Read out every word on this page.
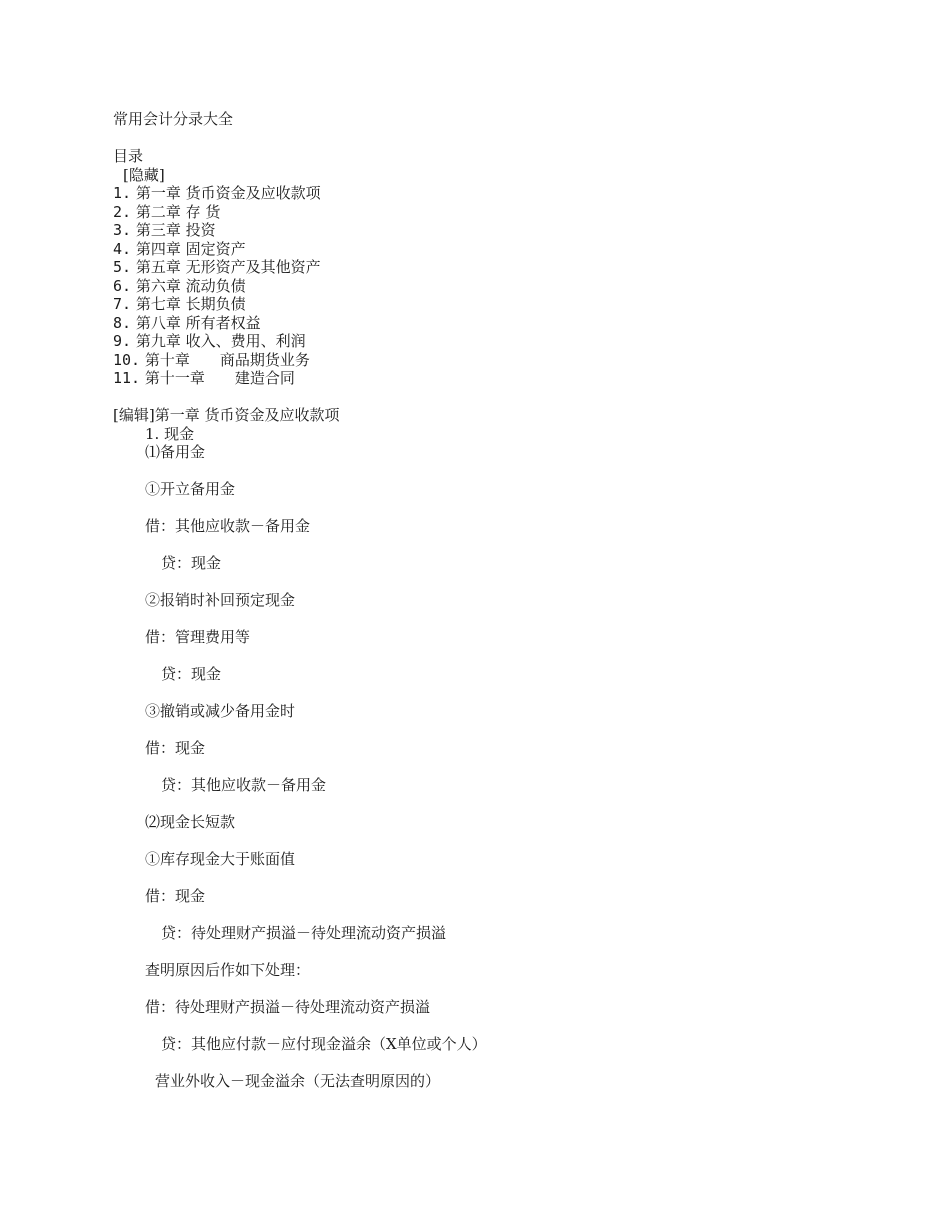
常用会计分录大全
目录
[隐藏]
1. 第一章 货币资金及应收款项
2. 第二章 存 货
3. 第三章 投资
4. 第四章 固定资产
5. 第五章 无形资产及其他资产
6. 第六章 流动负债
7. 第七章 长期负债
8. 第八章 所有者权益
9. 第九章 收入、费用、利润
10. 第十章　　商品期货业务
11. 第十一章　　建造合同
[编辑]第一章 货币资金及应收款项
1. 现金
⑴备用金
①开立备用金
借：其他应收款－备用金
贷：现金
②报销时补回预定现金
借：管理费用等
贷：现金
③撤销或减少备用金时
借：现金
贷：其他应收款－备用金
⑵现金长短款
①库存现金大于账面值
借：现金
贷：待处理财产损溢－待处理流动资产损溢
查明原因后作如下处理：
借：待处理财产损溢－待处理流动资产损溢
贷：其他应付款－应付现金溢余（X单位或个人）
营业外收入－现金溢余（无法查明原因的）
